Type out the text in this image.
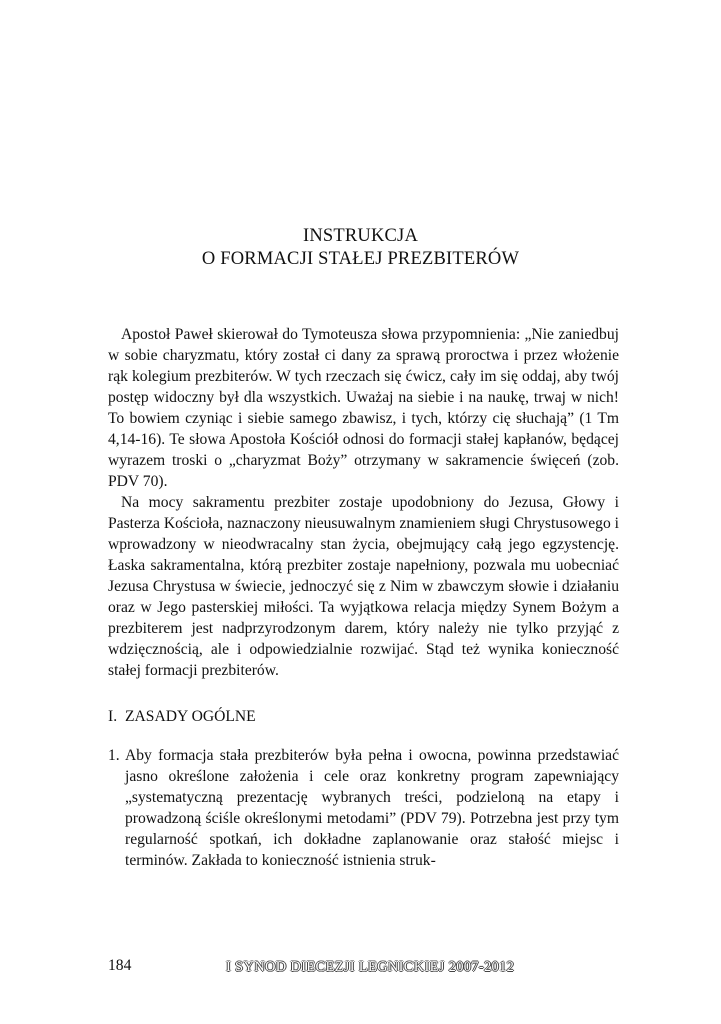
INSTRUKCJA
O FORMACJI STAŁEJ PREZBITERÓW

Apostoł Paweł skierował do Tymoteusza słowa przypomnienia: „Nie zaniedbuj w sobie charyzmatu, który został ci dany za sprawą proroctwa i przez włożenie rąk kolegium prezbiterów. W tych rzeczach się ćwicz, cały im się oddaj, aby twój postęp widoczny był dla wszystkich. Uważaj na siebie i na naukę, trwaj w nich! To bowiem czyniąc i siebie samego zbawisz, i tych, którzy cię słuchają” (1 Tm 4,14-16). Te słowa Apostoła Kościół odnosi do formacji stałej kapłanów, będącej wyrazem troski o „charyzmat Boży” otrzymany w sakramencie święceń (zob. PDV 70).

Na mocy sakramentu prezbiter zostaje upodobniony do Jezusa, Głowy i Pasterza Kościoła, naznaczony nieusuwalnym znamieniem sługi Chrystusowego i wprowadzony w nieodwracalny stan życia, obejmujący całą jego egzystencję. Łaska sakramentalna, którą prezbiter zostaje napełniony, pozwala mu uobecniać Jezusa Chrystusa w świecie, jednoczyć się z Nim w zbawczym słowie i działaniu oraz w Jego pasterskiej miłości. Ta wyjątkowa relacja między Synem Bożym a prezbiterem jest nadprzyrodzonym darem, który należy nie tylko przyjąć z wdzięcznością, ale i odpowiedzialnie rozwijać. Stąd też wynika konieczność stałej formacji prezbiterów.

I. ZASADY OGÓLNE
1. Aby formacja stała prezbiterów była pełna i owocna, powinna przedstawiać jasno określone założenia i cele oraz konkretny program zapewniający „systematyczną prezentację wybranych treści, podzieloną na etapy i prowadzoną ściśle określonymi metodami” (PDV 79). Potrzebna jest przy tym regularność spotkań, ich dokładne zaplanowanie oraz stałość miejsc i terminów. Zakłada to konieczność istnienia struk-
184	I SYNOD DIECEZJI LEGNICKIEJ 2007-2012
